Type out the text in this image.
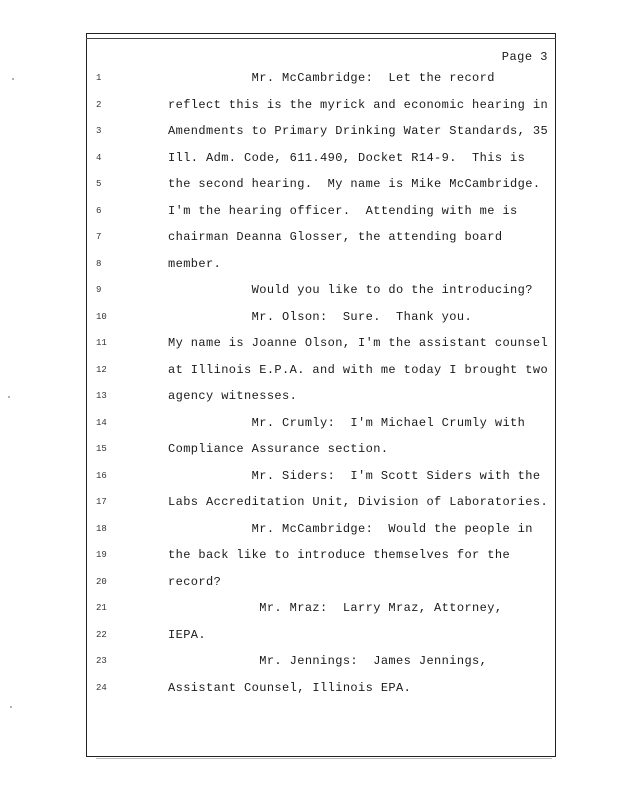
Page 3
1	Mr. McCambridge:  Let the record
2	reflect this is the myrick and economic hearing in
3	Amendments to Primary Drinking Water Standards, 35
4	Ill. Adm. Code, 611.490, Docket R14-9.  This is
5	the second hearing.  My name is Mike McCambridge.
6	I'm the hearing officer.  Attending with me is
7	chairman Deanna Glosser, the attending board
8	member.
9	Would you like to do the introducing?
10	Mr. Olson:  Sure.  Thank you.
11	My name is Joanne Olson, I'm the assistant counsel
12	at Illinois E.P.A. and with me today I brought two
13	agency witnesses.
14	Mr. Crumly:  I'm Michael Crumly with
15	Compliance Assurance section.
16	Mr. Siders:  I'm Scott Siders with the
17	Labs Accreditation Unit, Division of Laboratories.
18	Mr. McCambridge:  Would the people in
19	the back like to introduce themselves for the
20	record?
21	Mr. Mraz:  Larry Mraz, Attorney,
22	IEPA.
23	Mr. Jennings:  James Jennings,
24	Assistant Counsel, Illinois EPA.
